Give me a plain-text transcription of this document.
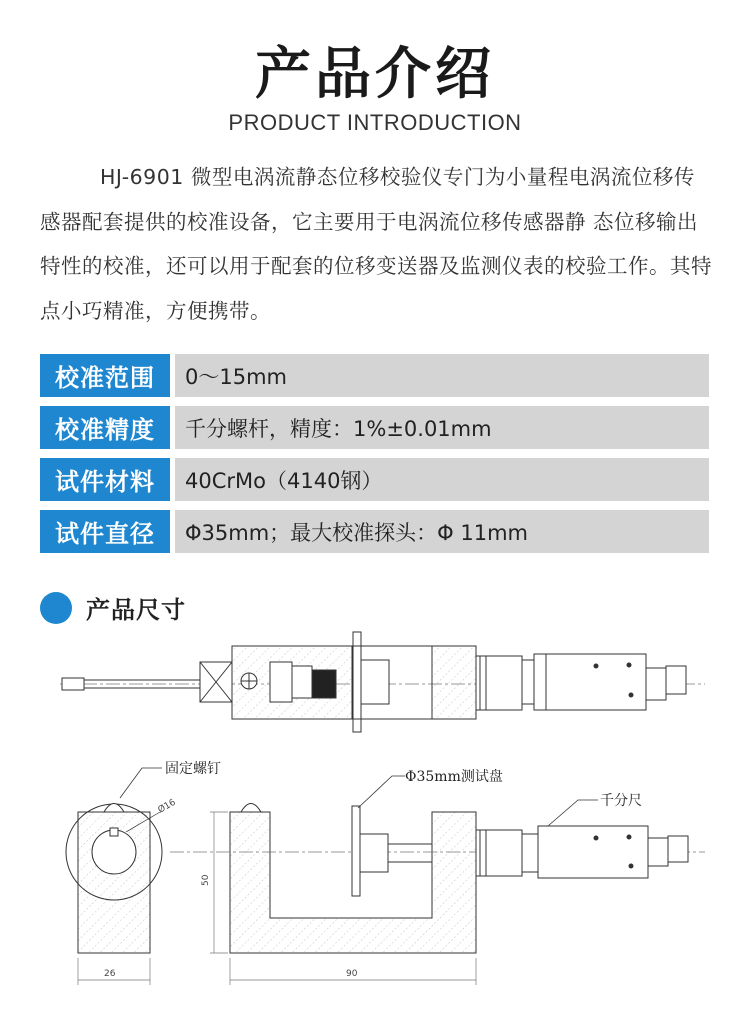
产品介绍
PRODUCT INTRODUCTION
HJ-6901 微型电涡流静态位移校验仪专门为小量程电涡流位移传感器配套提供的校准设备，它主要用于电涡流位移传感器静 态位移输出特性的校准，还可以用于配套的位移变送器及监测仪表的校验工作。其特点小巧精准，方便携带。
校准范围	0～15mm
校准精度	千分螺杆，精度：1%±0.01mm
试件材料	40CrMo（4140钢）
试件直径	Φ35mm；最大校准探头：Φ 11mm
产品尺寸
固定螺钉
Ø16
26
Φ35mm测试盘
千分尺
50
90
